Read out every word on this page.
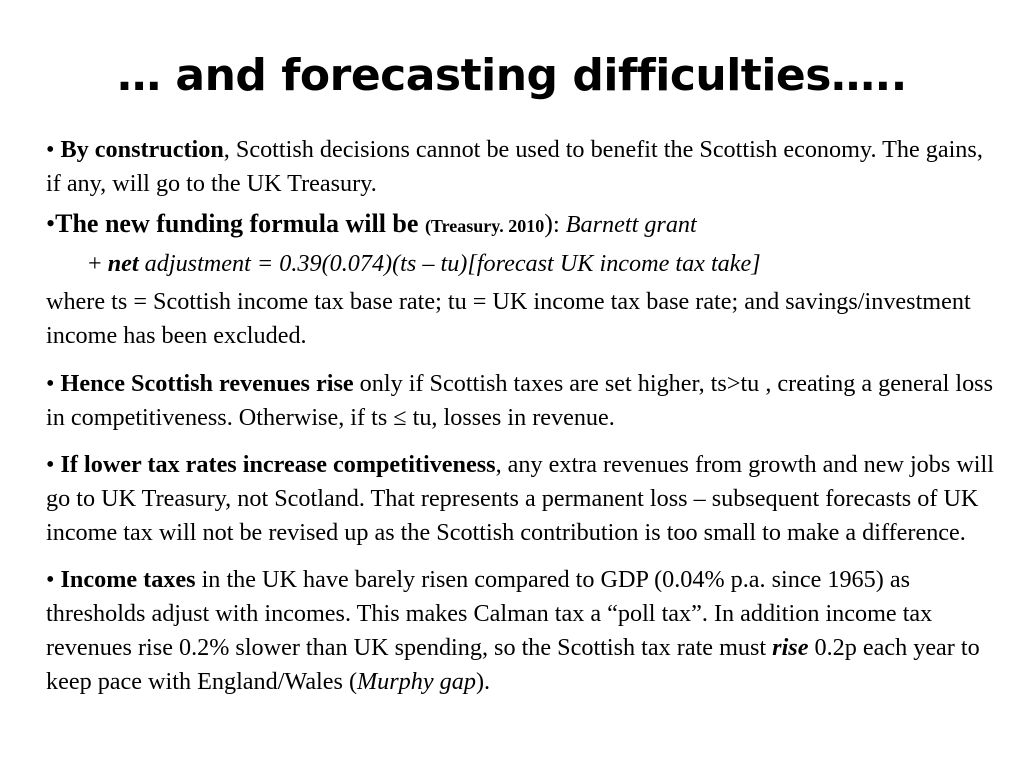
… and forecasting difficulties…..

• By construction, Scottish decisions cannot be used to benefit the Scottish economy. The gains, if any, will go to the UK Treasury.

•The new funding formula will be (Treasury. 2010): Barnett grant

+ net adjustment = 0.39(0.074)(ts – tu)[forecast UK income tax take]

where ts = Scottish income tax base rate; tu = UK income tax base rate; and savings/investment income has been excluded.

• Hence Scottish revenues rise only if Scottish taxes are set higher, ts>tu , creating a general loss in competitiveness. Otherwise, if ts ≤ tu, losses in revenue.

• If lower tax rates increase competitiveness, any extra revenues from growth and new jobs will go to UK Treasury, not Scotland. That represents a permanent loss – subsequent forecasts of UK income tax will not be revised up as the Scottish contribution is too small to make a difference.

• Income taxes in the UK have barely risen compared to GDP (0.04% p.a. since 1965) as thresholds adjust with incomes. This makes Calman tax a “poll tax”. In addition income tax revenues rise 0.2% slower than UK spending, so the Scottish tax rate must rise 0.2p each year to keep pace with England/Wales (Murphy gap).
